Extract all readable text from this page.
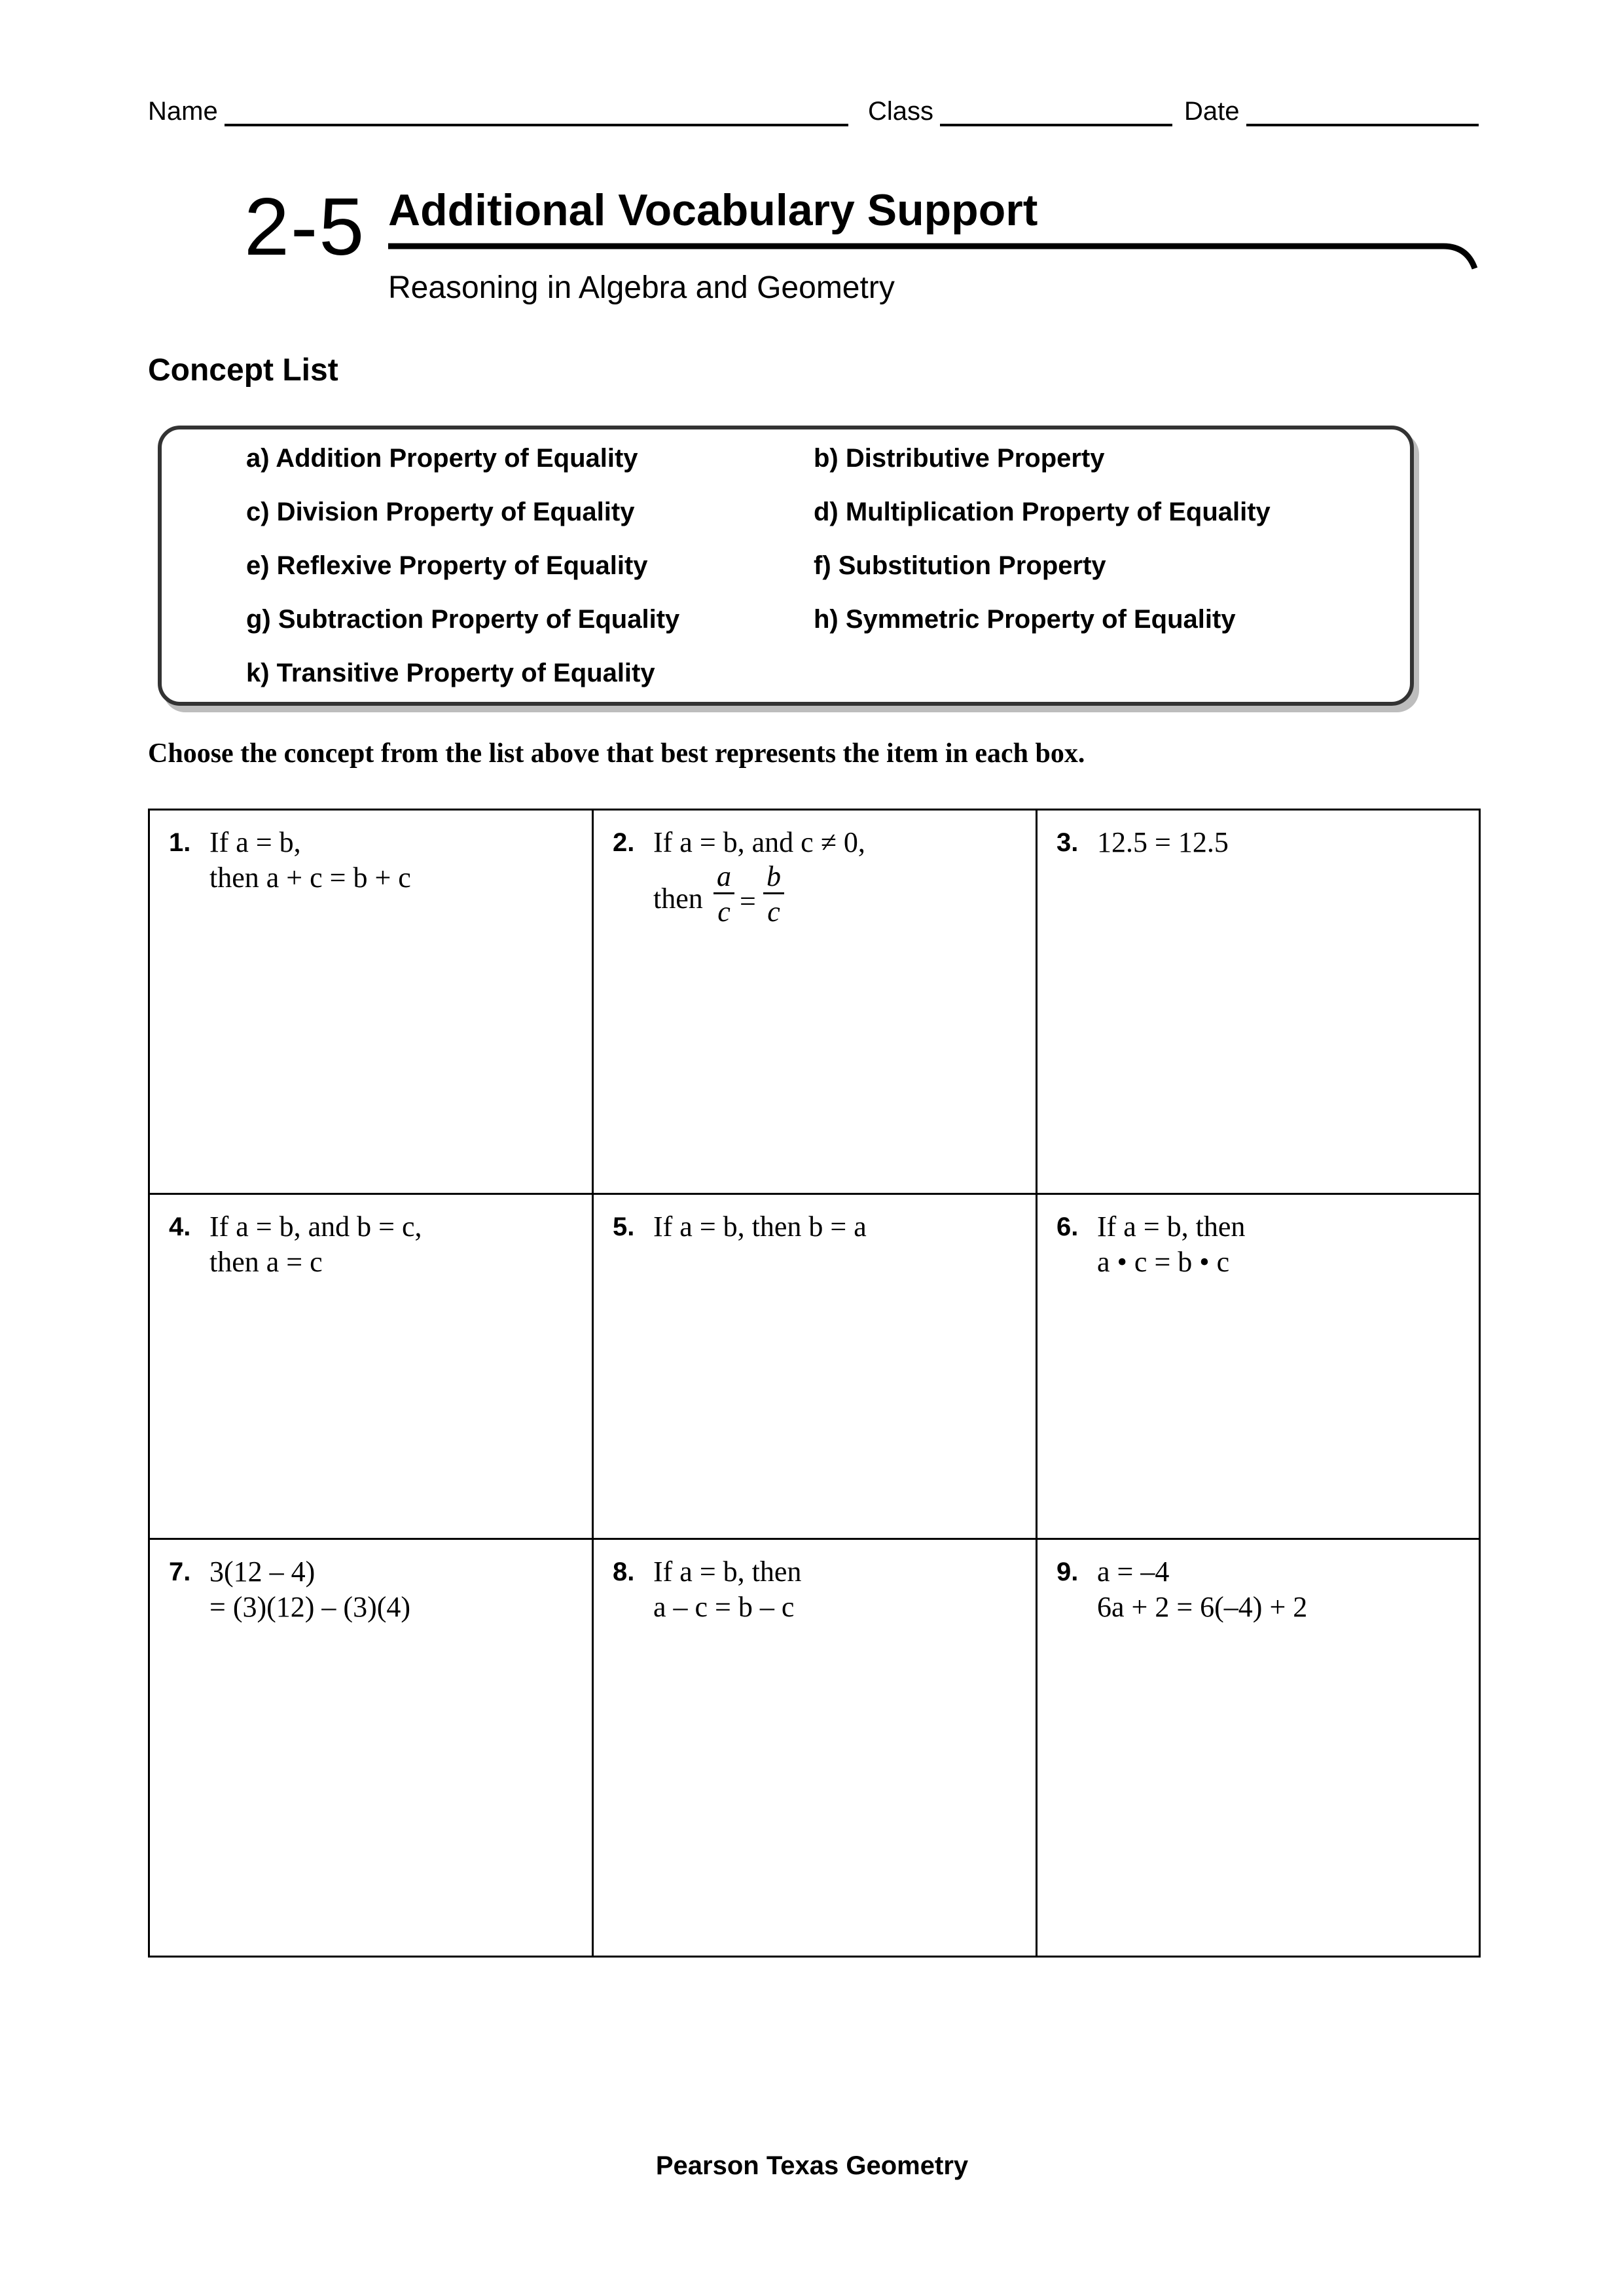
Name	Class	Date
2-5 Additional Vocabulary Support
Reasoning in Algebra and Geometry
Concept List
a) Addition Property of Equality	b) Distributive Property
c) Division Property of Equality	d) Multiplication Property of Equality
e) Reflexive Property of Equality	f) Substitution Property
g) Subtraction Property of Equality	h) Symmetric Property of Equality
k) Transitive Property of Equality
Choose the concept from the list above that best represents the item in each box.
1. If a = b,
then a + c = b + c
2. If a = b, and c ≠ 0,
then
a
c =
b
c
3. 12.5 = 12.5
4. If a = b, and b = c,
then a = c
5. If a = b, then b = a	6. If a = b, then
a • c = b • c
7. 3(12 – 4)
= (3)(12) – (3)(4)
8. If a = b, then
a – c = b – c
9. a = –4
6a + 2 = 6(–4) + 2
Pearson Texas Geometry
